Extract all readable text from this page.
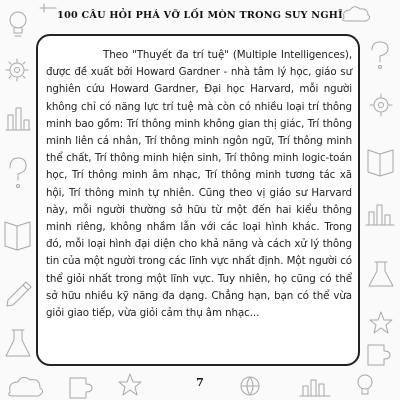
100 CÂU HỎI PHÁ VỠ LỐI MÒN TRONG SUY NGHĨ

Theo "Thuyết đa trí tuệ" (Multiple Intelligences), được đề xuất bởi Howard Gardner - nhà tâm lý học, giáo sư nghiên cứu Howard Gardner, Đại học Harvard, mỗi người không chỉ có năng lực trí tuệ mà còn có nhiều loại trí thông minh bao gồm: Trí thông minh không gian thị giác, Trí thông minh liên cá nhân, Trí thông minh ngôn ngữ, Trí thông minh thể chất, Trí thông minh hiện sinh, Trí thông minh logic-toán học, Trí thông minh âm nhạc, Trí thông minh tương tác xã hội, Trí thông minh tự nhiên. Cũng theo vị giáo sư Harvard này, mỗi người thường sở hữu từ một đến hai kiểu thông minh riêng, không nhầm lẫn với các loại hình khác. Trong đó, mỗi loại hình đại diện cho khả năng và cách xử lý thông tin của một người trong các lĩnh vực nhất định. Một người có thể giỏi nhất trong một lĩnh vực. Tuy nhiên, họ cũng có thể sở hữu nhiều kỹ năng đa dạng. Chẳng hạn, bạn có thể vừa giỏi giao tiếp, vừa giỏi cảm thụ âm nhạc...

7
